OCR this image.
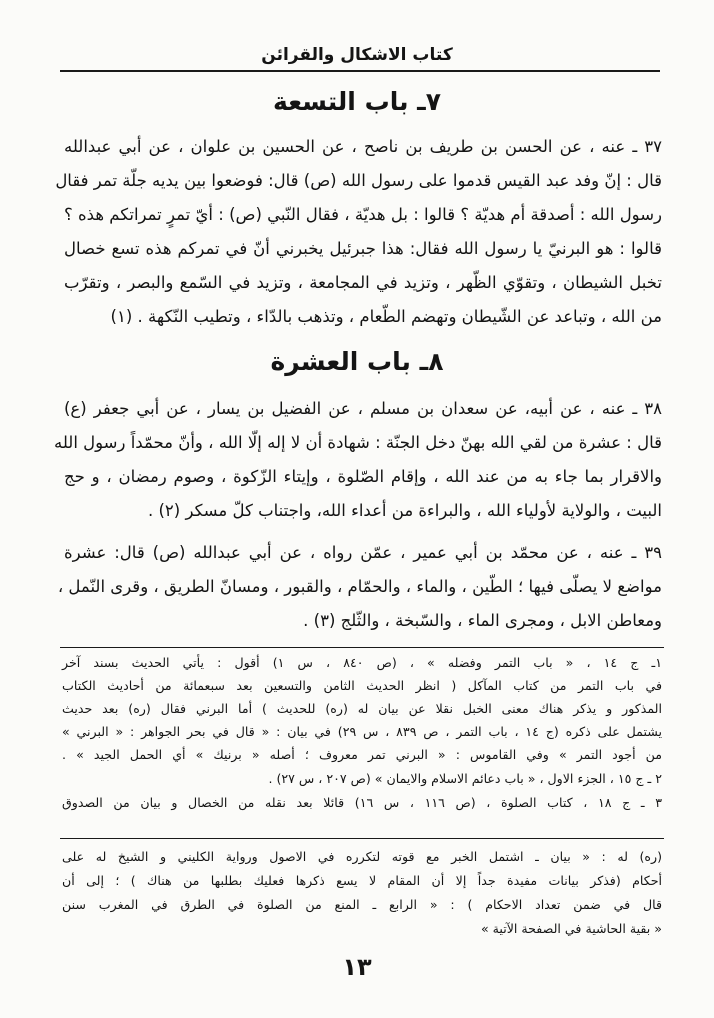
كتاب الاشكال والقرائن
٧ـ باب التسعة
٣٧ ـ عنه ، عن الحسن بن طريف بن ناصح ، عن الحسين بن علوان ، عن أبي عبدالله
قال : إنّ وفد عبد القيس قدموا على رسول الله (ص) قال: فوضعوا بين يديه جلّة تمر فقال
رسول الله : أصدقة أم هديّة ؟ قالوا : بل هديّة ، فقال النّبي (ص) : أيّ تمرٍ تمراتكم هذه ؟
قالوا : هو البرنيّ يا رسول الله فقال: هذا جبرئيل يخبرني أنّ في تمركم هذه تسع خصال
تخبل الشيطان ، وتقوّي الظّهر ، وتزيد في المجامعة ، وتزيد في السّمع والبصر ، وتقرّب
من الله ، وتباعد عن الشّيطان وتهضم الطّعام ، وتذهب بالدّاء ، وتطيب النّكهة . (١)
٨ـ باب العشرة
٣٨ ـ عنه ، عن أبيه، عن سعدان بن مسلم ، عن الفضيل بن يسار ، عن أبي جعفر (ع)
قال : عشرة من لقي الله بهنّ دخل الجنّة : شهادة أن لا إله إلّا الله ، وأنّ محمّداً رسول الله
والاقرار بما جاء به من عند الله ، وإقام الصّلوة ، وإيتاء الزّكوة ، وصوم رمضان ، و حج
البيت ، والولاية لأولياء الله ، والبراءة من أعداء الله، واجتناب كلّ مسكر (٢) .
٣٩ ـ عنه ، عن محمّد بن أبي عمير ، عمّن رواه ، عن أبي عبدالله (ص) قال: عشرة
مواضع لا يصلّى فيها ؛ الطّين ، والماء ، والحمّام ، والقبور ، ومسانّ الطريق ، وقرى النّمل ،
ومعاطن الابل ، ومجرى الماء ، والسّبخة ، والثّلج (٣) .
١ـ ج ١٤ ، « باب التمر وفضله » ، (ص ٨٤٠ ، س ١) أقول : يأتي الحديث بسند آخر
في باب التمر من كتاب المآكل ( انظر الحديث الثامن والتسعين بعد سبعمائة من أحاديث الكتاب
المذكور و يذكر هناك معنى الخبل نقلا عن بيان له (ره) للحديث ) أما البرني فقال (ره) بعد حديث
يشتمل على ذكره (ج ١٤ ، باب التمر ، ص ٨٣٩ ، س ٢٩) في بيان : « قال في بحر الجواهر : « البرني »
من أجود التمر » وفي القاموس : « البرني تمر معروف ؛ أصله « برنيك » أي الحمل الجيد » .
٢ ـ ج ١٥ ، الجزء الاول ، « باب دعائم الاسلام والايمان » (ص ٢٠٧ ، س ٢٧) .
٣ ـ ج ١٨ ، كتاب الصلوة ، (ص ١١٦ ، س ١٦) قائلا بعد نقله من الخصال و بيان من الصدوق
(ره) له : « بيان ـ اشتمل الخبر مع قوته لتكرره في الاصول ورواية الكليني و الشيخ له على
أحكام (فذكر بيانات مفيدة جداً إلا أن المقام لا يسع ذكرها فعليك بطلبها من هناك ) ؛ إلى أن
قال في ضمن تعداد الاحكام ) : « الرابع ـ المنع من الصلوة في الطرق في المغرب سنن
« بقية الحاشية في الصفحة الآتية »
١٣
